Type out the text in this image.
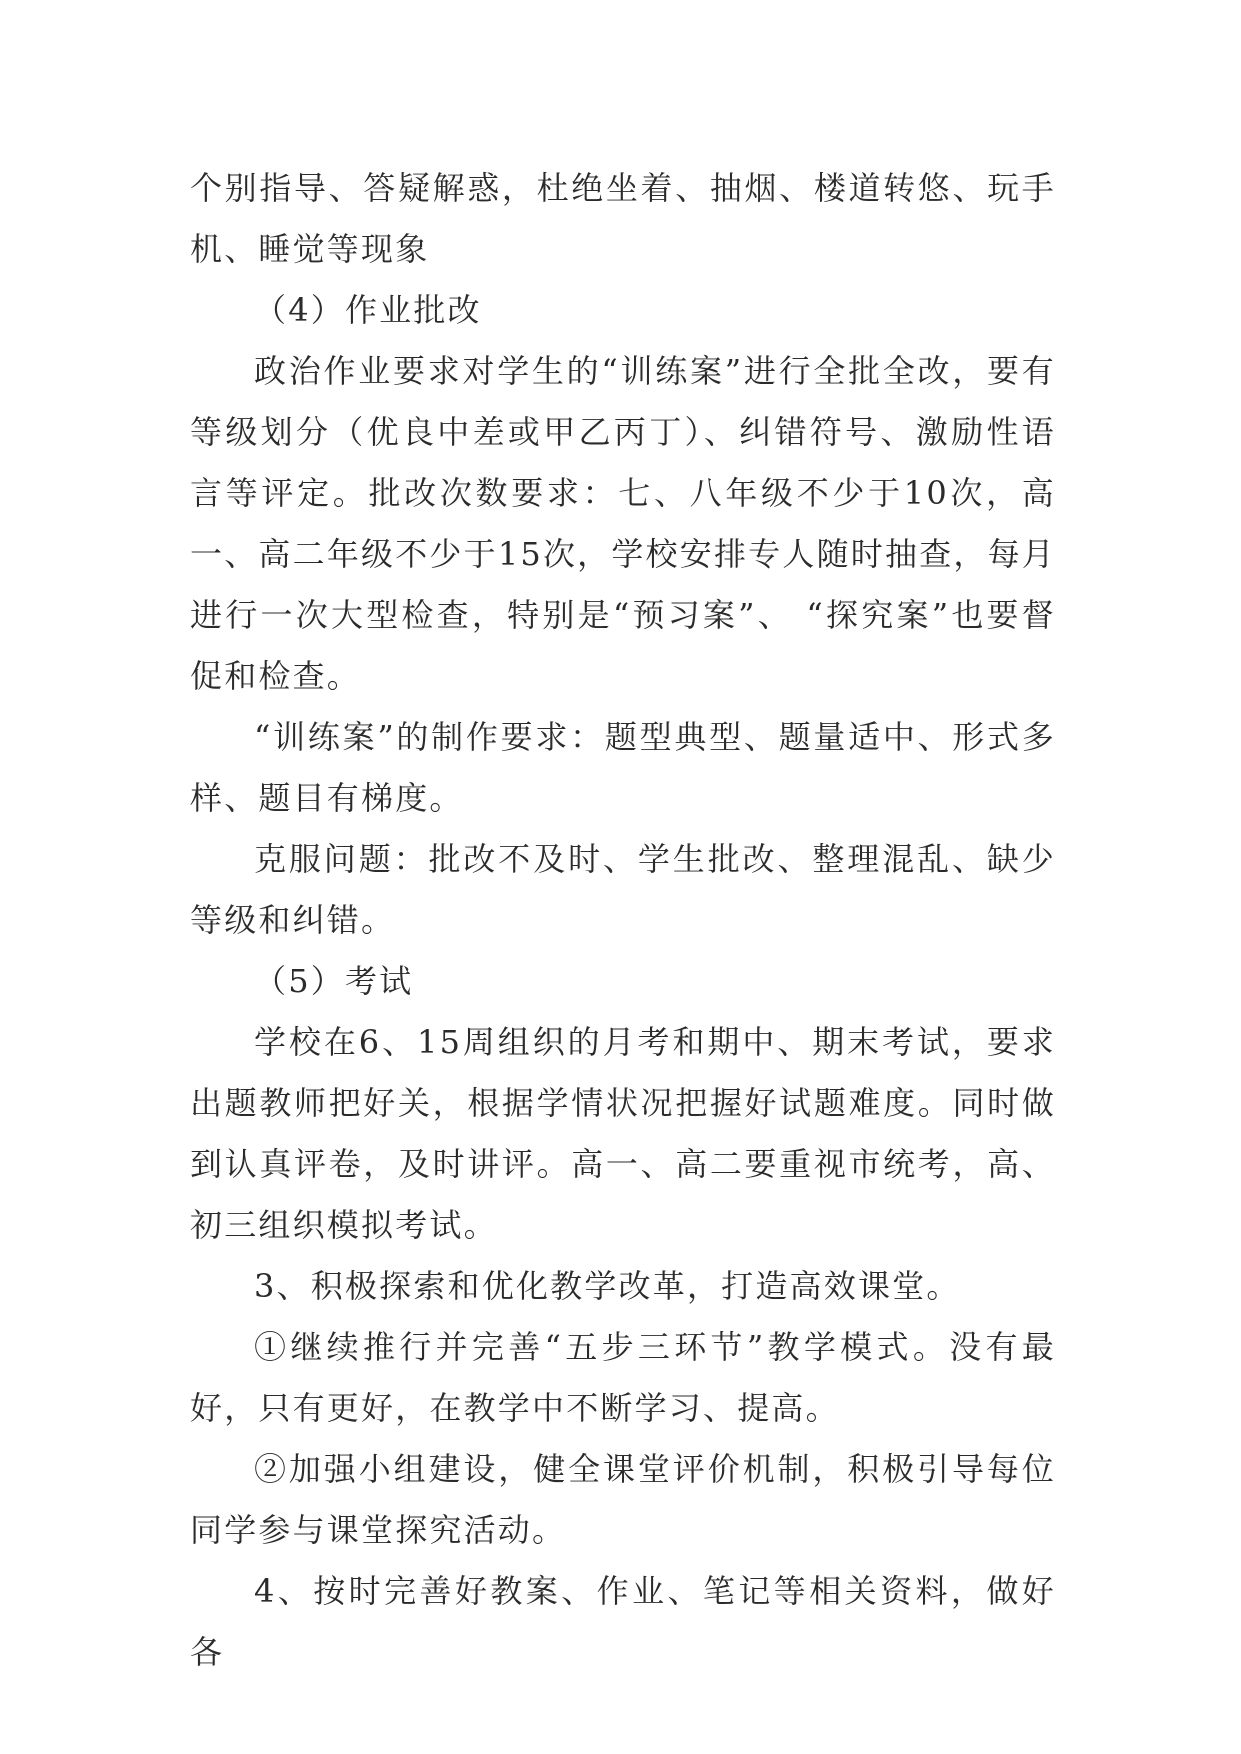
个别指导、答疑解惑，杜绝坐着、抽烟、楼道转悠、玩手机、睡觉等现象

（4）作业批改

政治作业要求对学生的“训练案”进行全批全改，要有等级划分（优良中差或甲乙丙丁）、纠错符号、激励性语言等评定。批改次数要求：七、八年级不少于10次，高一、高二年级不少于15次，学校安排专人随时抽查，每月进行一次大型检查，特别是“预习案”、 “探究案”也要督促和检查。

“训练案”的制作要求：题型典型、题量适中、形式多样、题目有梯度。

克服问题：批改不及时、学生批改、整理混乱、缺少等级和纠错。

（5）考试

学校在6、15周组织的月考和期中、期末考试，要求出题教师把好关，根据学情状况把握好试题难度。同时做到认真评卷，及时讲评。高一、高二要重视市统考，高、初三组织模拟考试。

3、积极探索和优化教学改革，打造高效课堂。

①继续推行并完善“五步三环节”教学模式。没有最好，只有更好，在教学中不断学习、提高。

②加强小组建设，健全课堂评价机制，积极引导每位同学参与课堂探究活动。

4、按时完善好教案、作业、笔记等相关资料，做好各
